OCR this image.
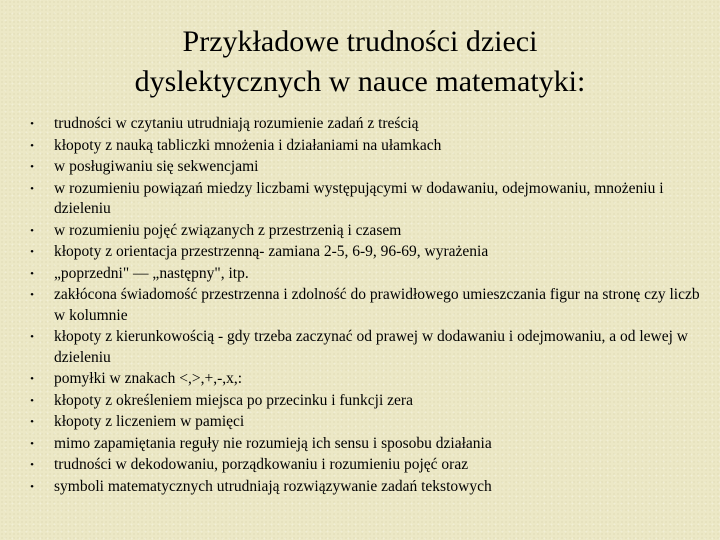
Przykładowe trudności dzieci
dyslektycznych w nauce matematyki:
• trudności w czytaniu utrudniają rozumienie zadań z treścią
• kłopoty z nauką tabliczki mnożenia i działaniami na ułamkach
• w posługiwaniu się sekwencjami
• w rozumieniu powiązań miedzy liczbami występującymi w dodawaniu, odejmowaniu, mnożeniu i dzieleniu
• w rozumieniu pojęć związanych z przestrzenią i czasem
• kłopoty z orientacja przestrzenną- zamiana 2-5, 6-9, 96-69, wyrażenia
• „poprzedni" — „następny", itp.
• zakłócona świadomość przestrzenna i zdolność do prawidłowego umieszczania figur na stronę czy liczb w kolumnie
• kłopoty z kierunkowością - gdy trzeba zaczynać od prawej w dodawaniu i odejmowaniu, a od lewej w dzieleniu
• pomyłki w znakach <,>,+,-,x,:
• kłopoty z określeniem miejsca po przecinku i funkcji zera
• kłopoty z liczeniem w pamięci
• mimo zapamiętania reguły nie rozumieją ich sensu i sposobu działania
• trudności w dekodowaniu, porządkowaniu i rozumieniu pojęć oraz
• symboli matematycznych utrudniają rozwiązywanie zadań tekstowych
